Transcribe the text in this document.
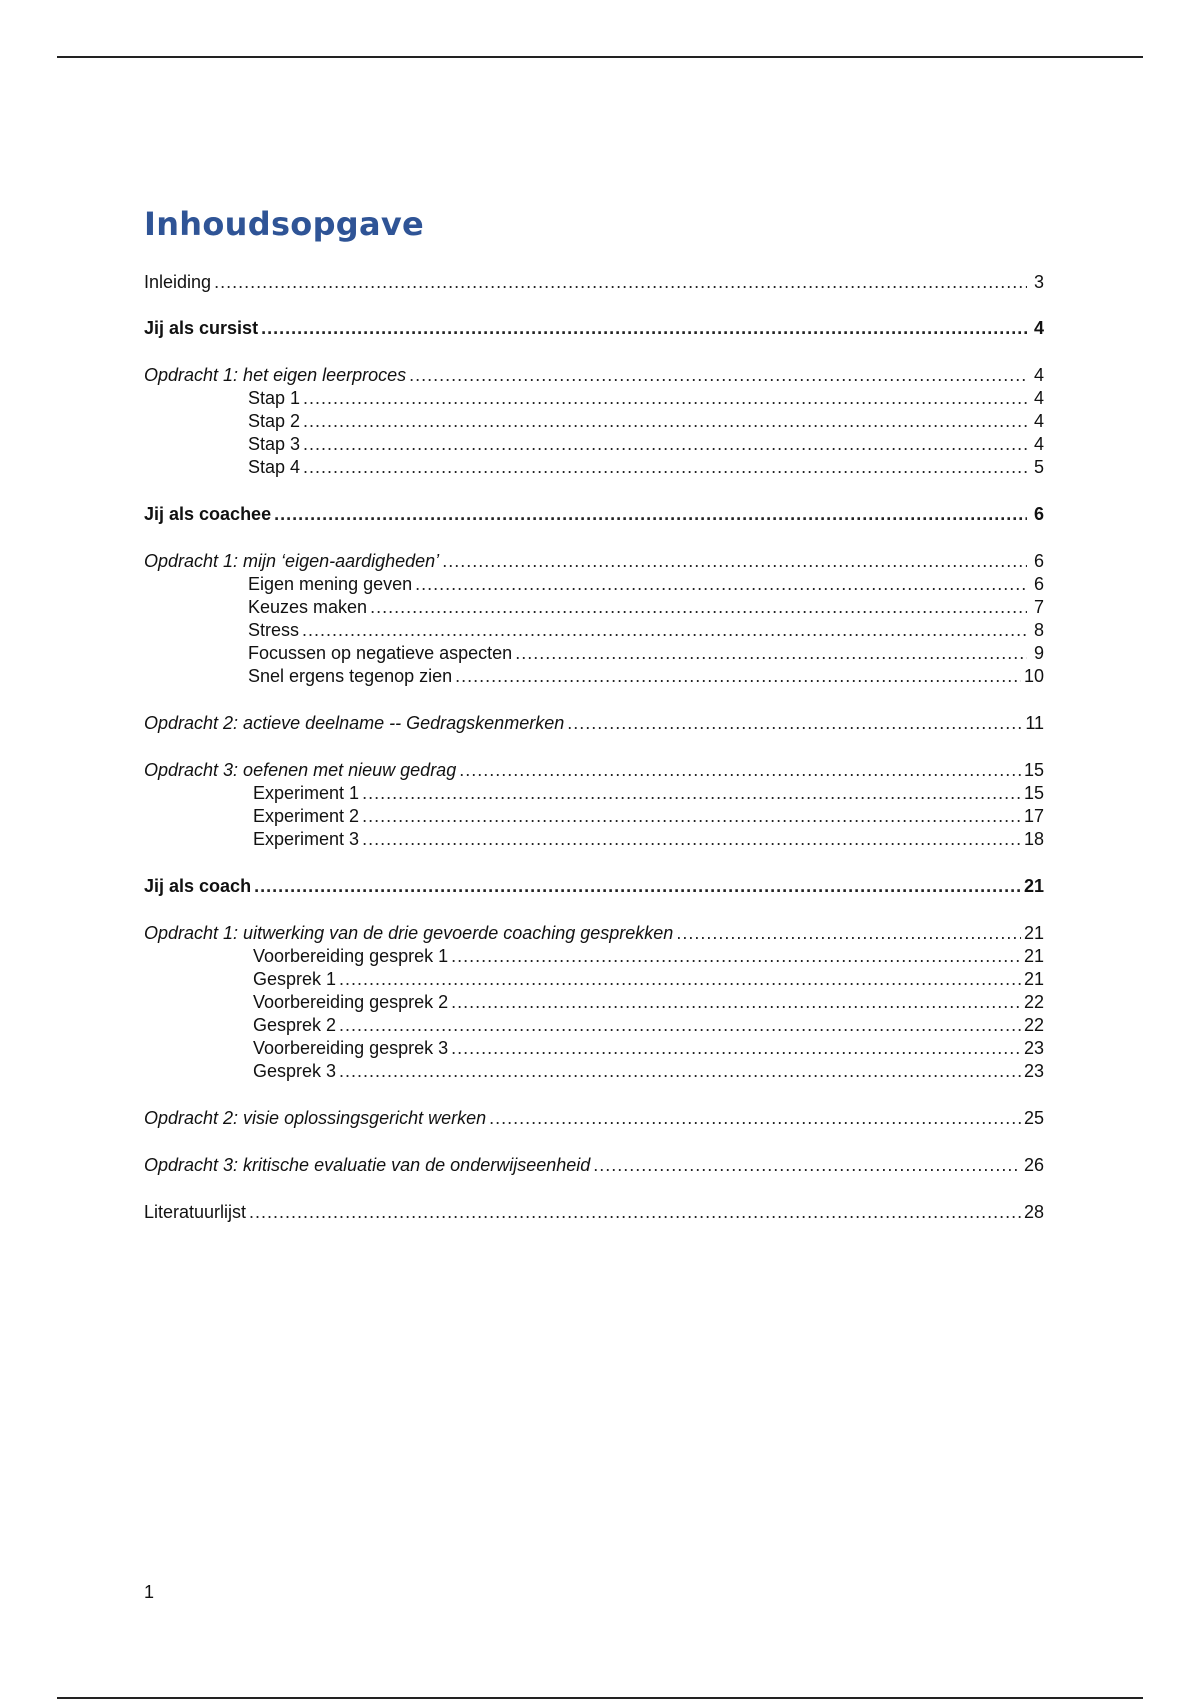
Inhoudsopgave
Inleiding .....	3
Jij als cursist .....	4
Opdracht 1: het eigen leerproces .....	4
Stap 1 .....	4
Stap 2 .....	4
Stap 3 .....	4
Stap 4 .....	5
Jij als coachee .....	6
Opdracht 1: mijn ‘eigen-aardigheden’ .....	6
Eigen mening geven .....	6
Keuzes maken .....	7
Stress .....	8
Focussen op negatieve aspecten .....	9
Snel ergens tegenop zien .....	10
Opdracht 2: actieve deelname -- Gedragskenmerken .....	11
Opdracht 3: oefenen met nieuw gedrag .....	15
Experiment 1 .....	15
Experiment 2 .....	17
Experiment 3 .....	18
Jij als coach .....	21
Opdracht 1: uitwerking van de drie gevoerde coaching gesprekken .....	21
Voorbereiding gesprek 1 .....	21
Gesprek 1 .....	21
Voorbereiding gesprek 2 .....	22
Gesprek 2 .....	22
Voorbereiding gesprek 3 .....	23
Gesprek 3 .....	23
Opdracht 2: visie oplossingsgericht werken .....	25
Opdracht 3: kritische evaluatie van de onderwijseenheid .....	26
Literatuurlijst .....	28
1
